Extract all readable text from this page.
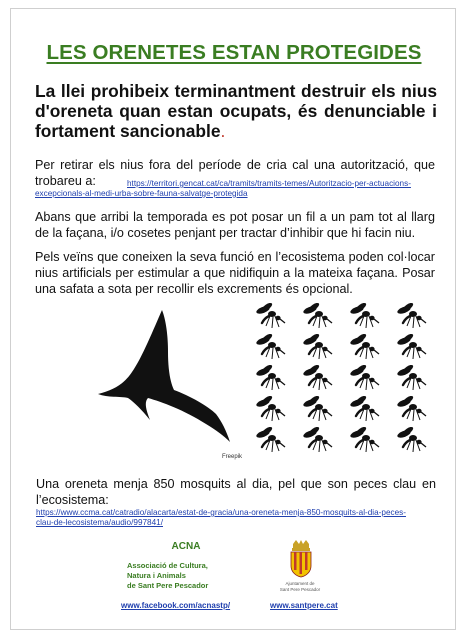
LES ORENETES ESTAN PROTEGIDES

La llei prohibeix terminantment destruir els nius d'oreneta quan estan ocupats, és denunciable i fortament sancionable.

Per retirar els nius fora del període de cria cal una autorització, que trobareu a:	https://territori.gencat.cat/ca/tramits/tramits-temes/Autoritzacio-per-actuacions-
excepcionals-al-medi-urba-sobre-fauna-salvatge-protegida

Abans que arribi la temporada es pot posar un fil a un pam tot al llarg de la façana, i/o cosetes penjant per tractar d’inhibir que hi facin niu.

Pels veïns que coneixen la seva funció en l’ecosistema poden col·locar nius artificials per estimular a que nidifiquin a la mateixa façana. Posar una safata a sota per recollir els excrements és opcional.

Freepik

Una oreneta menja 850 mosquits al dia, pel que son peces clau en l’ecosistema:

https://www.ccma.cat/catradio/alacarta/estat-de-gracia/una-oreneta-menja-850-mosquits-al-dia-peces-
clau-de-lecosistema/audio/997841/
ACNA
Associació de Cultura,
Natura i Animals
de Sant Pere Pescador	Ajuntament de
Sant Pere Pescador
www.facebook.com/acnastp/	www.santpere.cat
